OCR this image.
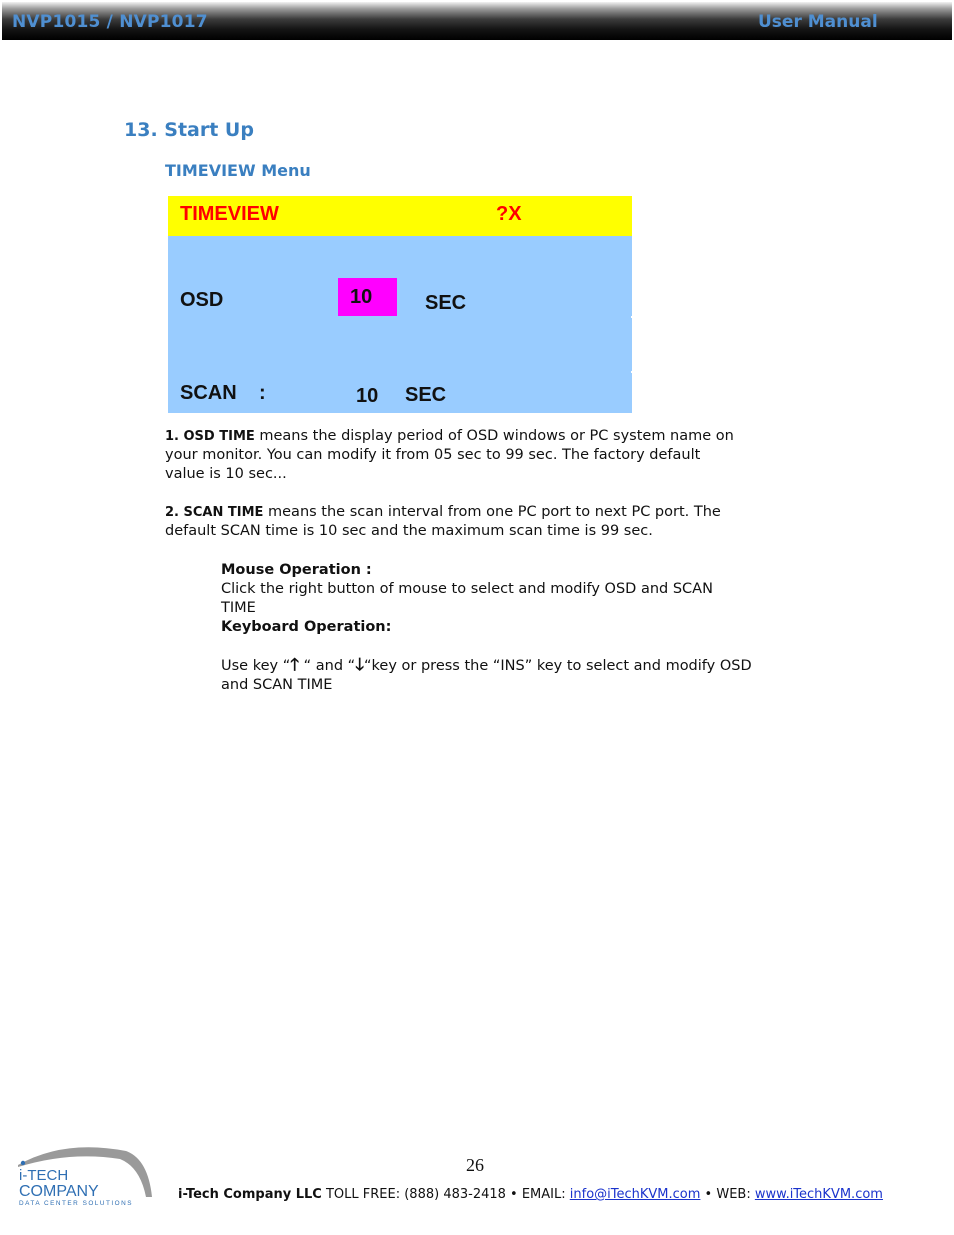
NVP1015 / NVP1017	User Manual
13. Start Up
TIMEVIEW Menu
TIMEVIEW	?X
OSD	10	SEC
SCAN :	10 SEC

1. OSD TIME means the display period of OSD windows or PC system name on
your monitor. You can modify it from 05 sec to 99 sec. The factory default
value is 10 sec...

2. SCAN TIME means the scan interval from one PC port to next PC port. The
default SCAN time is 10 sec and the maximum scan time is 99 sec.

Mouse Operation :

Click the right button of mouse to select and modify OSD and SCAN
TIME

Keyboard Operation:

Use key “🡑 “ and “🡓“key or press the “INS” key to select and modify OSD
and SCAN TIME

26
i-TECH
COMPANY
DATA CENTER SOLUTIONS
i-Tech Company LLC TOLL FREE: (888) 483-2418 • EMAIL: info@iTechKVM.com • WEB: www.iTechKVM.com
